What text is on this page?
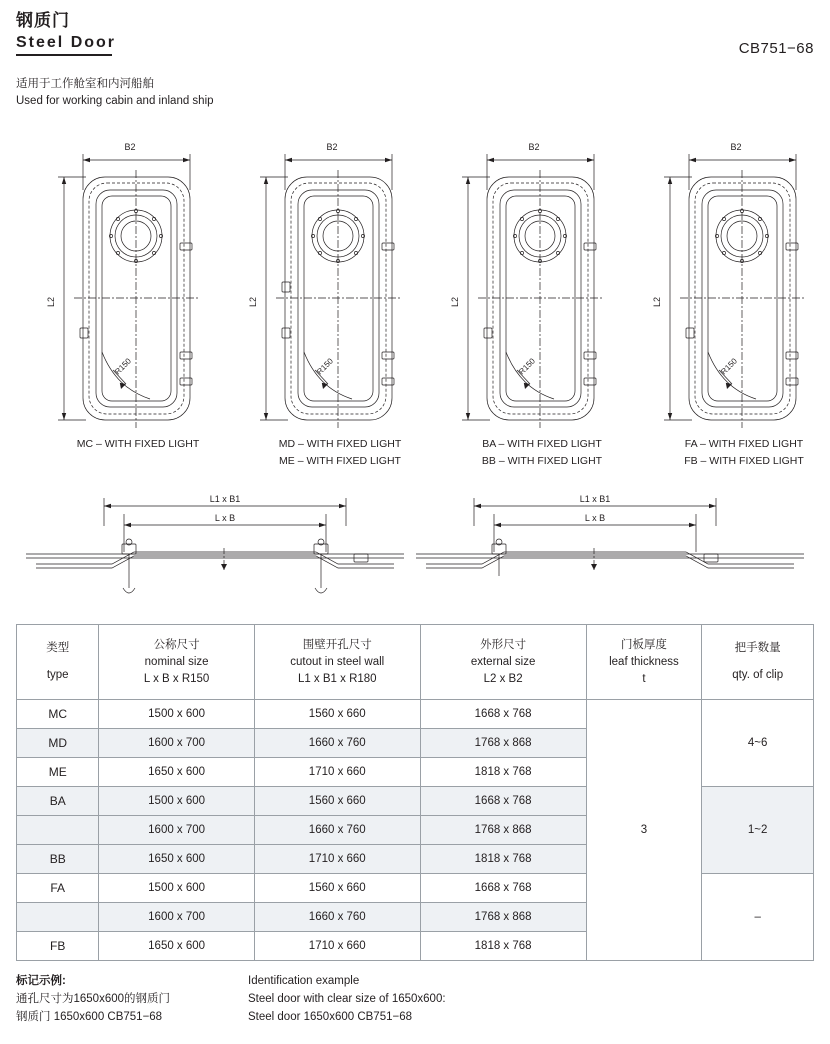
钢质门
Steel Door	CB751−68
适用于工作舱室和内河船舶
Used for working cabin and inland ship
B2
L2
R150
B2
L2
R150
B2
L2
R150
B2
L2
R150
MC – WITH FIXED LIGHT	MD – WITH FIXED LIGHT
ME – WITH FIXED LIGHT
BA – WITH FIXED LIGHT
BB – WITH FIXED LIGHT
FA – WITH FIXED LIGHT
FB – WITH FIXED LIGHT
L1 x B1
L x B
L1 x B1
L x B
类型
type	公称尺寸
nominal size
L x B x R150	围壁开孔尺寸
cutout in steel wall
L1 x B1 x R180	外形尺寸
external size
L2 x B2	门板厚度
leaf thickness
t	把手数量
qty. of clip

MC	1500 x 600	1560 x 660	1668 x 768	3	4~6
MD	1600 x 700	1660 x 760	1768 x 868		
ME	1650 x 600	1710 x 660	1818 x 768		
BA	1500 x 600	1560 x 660	1668 x 768		1~2
	1600 x 700	1660 x 760	1768 x 868		
BB	1650 x 600	1710 x 660	1818 x 768		
FA	1500 x 600	1560 x 660	1668 x 768		–
	1600 x 700	1660 x 760	1768 x 868		
FB	1650 x 600	1710 x 660	1818 x 768		
标记示例:
通孔尺寸为1650x600的钢质门
钢质门 1650x600 CB751−68
Identification example
Steel door with clear size of 1650x600:
Steel door 1650x600 CB751−68
